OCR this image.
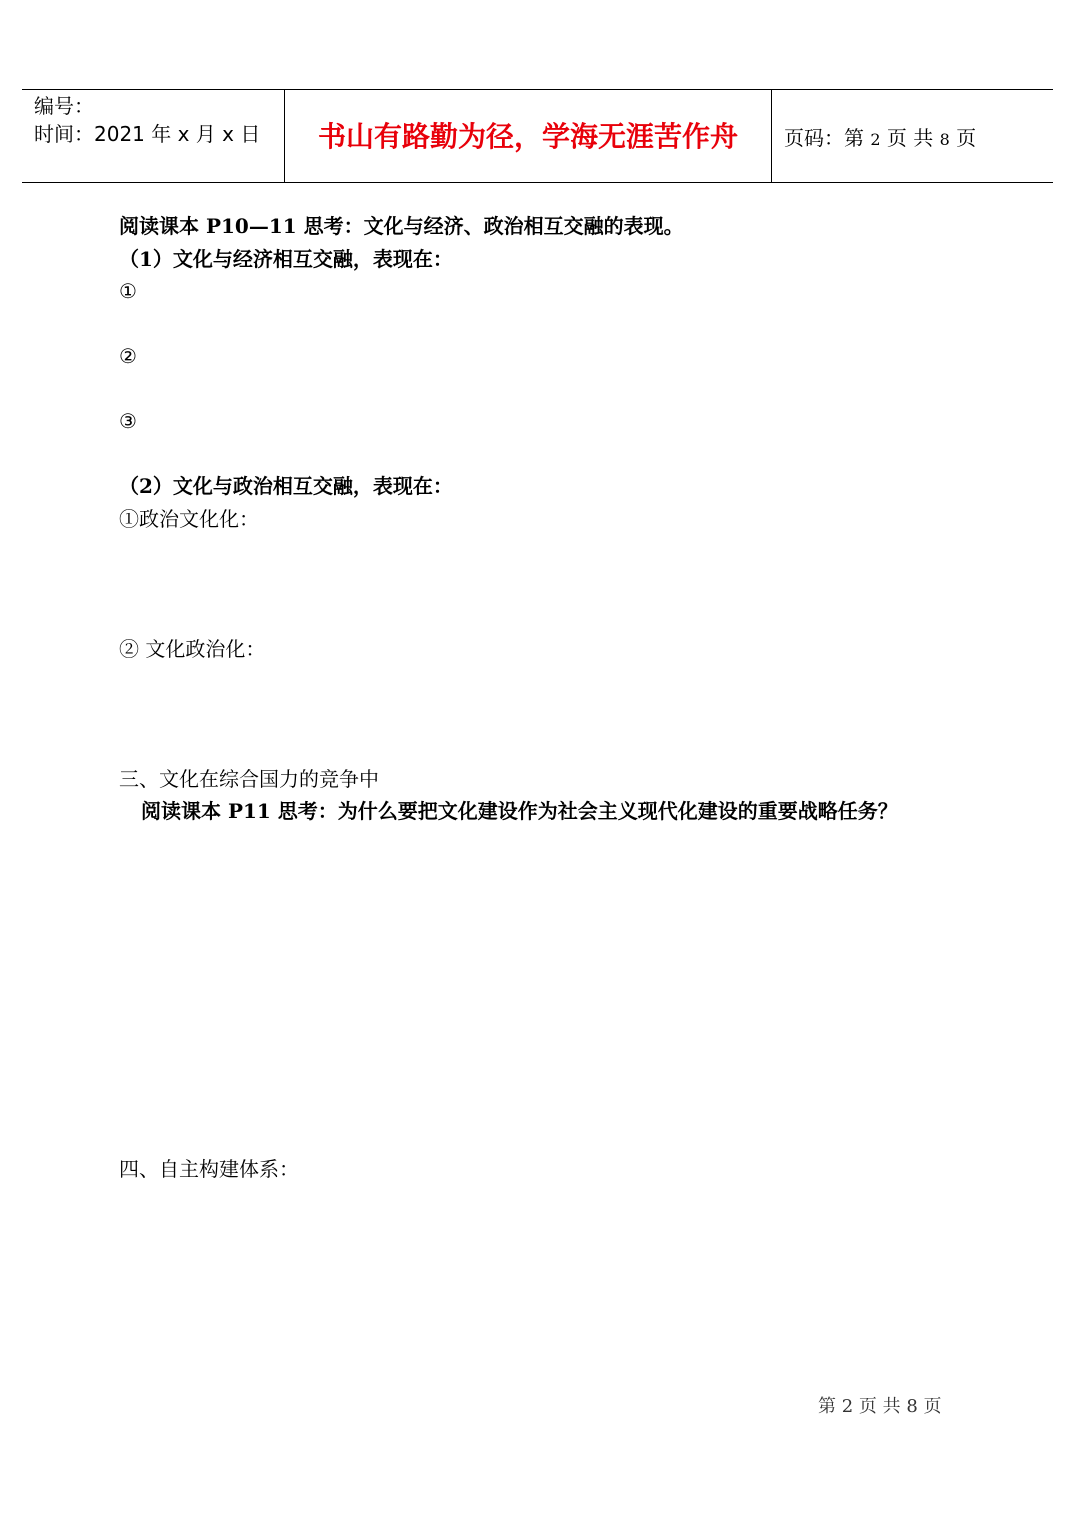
编号：
时间：2021 年 x 月 x 日	书山有路勤为径，学海无涯苦作舟	页码：第 2 页 共 8 页
阅读课本 P10—11 思考：文化与经济、政治相互交融的表现。
（1）文化与经济相互交融，表现在：
①
②
③
（2）文化与政治相互交融，表现在：
①政治文化化：
② 文化政治化：
三、文化在综合国力的竞争中
阅读课本 P11 思考：为什么要把文化建设作为社会主义现代化建设的重要战略任务？
四、自主构建体系：
第 2 页 共 8 页
